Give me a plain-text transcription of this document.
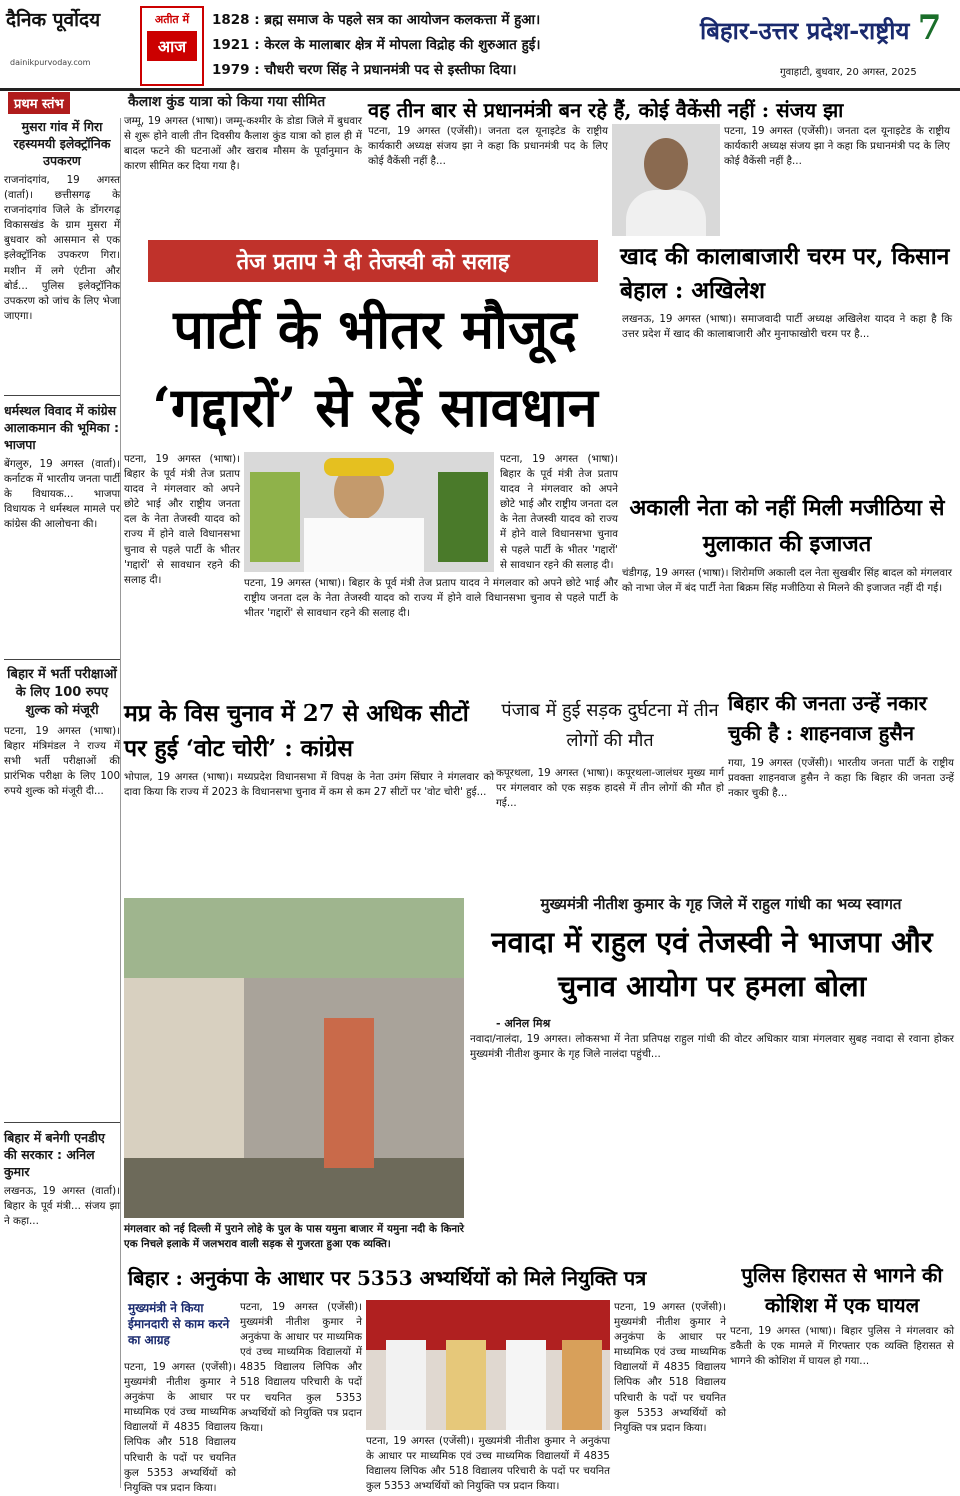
दैनिक पूर्वोदय
dainikpurvoday.com
अतीत में
आज
1828 : ब्रह्म समाज के पहले सत्र का आयोजन कलकत्ता में हुआ।
1921 : केरल के मालाबार क्षेत्र में मोपला विद्रोह की शुरुआत हुई।
1979 : चौधरी चरण सिंह ने प्रधानमंत्री पद से इस्तीफा दिया।
बिहार-उत्तर प्रदेश-राष्ट्रीय 7
गुवाहाटी, बुधवार, 20 अगस्त, 2025
प्रथम स्तंभ
मुसरा गांव में गिरा रहस्यमयी इलेक्ट्रॉनिक उपकरण
राजनांदगांव, 19 अगस्त (वार्ता)। छत्तीसगढ़ के राजनांदगांव जिले के डोंगरगढ़ विकासखंड के ग्राम मुसरा में बुधवार को आसमान से एक इलेक्ट्रॉनिक उपकरण गिरा। मशीन में लगे एंटीना और बोर्ड... पुलिस इलेक्ट्रॉनिक उपकरण को जांच के लिए भेजा जाएगा।
धर्मस्थल विवाद में कांग्रेस आलाकमान की भूमिका : भाजपा
बेंगलुरु, 19 अगस्त (वार्ता)। कर्नाटक में भारतीय जनता पार्टी के विधायक... भाजपा विधायक ने धर्मस्थल मामले पर कांग्रेस की आलोचना की।
बिहार में भर्ती परीक्षाओं के लिए 100 रुपए शुल्क को मंजूरी
पटना, 19 अगस्त (भाषा)। बिहार मंत्रिमंडल ने राज्य में सभी भर्ती परीक्षाओं की प्रारंभिक परीक्षा के लिए 100 रुपये शुल्क को मंजूरी दी...
बिहार में बनेगी एनडीए की सरकार : अनिल कुमार
लखनऊ, 19 अगस्त (वार्ता)। बिहार के पूर्व मंत्री... संजय झा ने कहा...
कैलाश कुंड यात्रा को किया गया सीमित
जम्मू, 19 अगस्त (भाषा)। जम्मू-कश्मीर के डोडा जिले में बुधवार से शुरू होने वाली तीन दिवसीय कैलाश कुंड यात्रा को हाल ही में बादल फटने की घटनाओं और खराब मौसम के पूर्वानुमान के कारण सीमित कर दिया गया है।
वह तीन बार से प्रधानमंत्री बन रहे हैं, कोई वैकेंसी नहीं : संजय झा
पटना, 19 अगस्त (एजेंसी)। जनता दल यूनाइटेड के राष्ट्रीय कार्यकारी अध्यक्ष संजय झा ने कहा कि प्रधानमंत्री पद के लिए कोई वैकेंसी नहीं है...
पटना, 19 अगस्त (एजेंसी)। जनता दल यूनाइटेड के राष्ट्रीय कार्यकारी अध्यक्ष संजय झा ने कहा कि प्रधानमंत्री पद के लिए कोई वैकेंसी नहीं है...
तेज प्रताप ने दी तेजस्वी को सलाह
पार्टी के भीतर मौजूद ‘गद्दारों’ से रहें सावधान
पटना, 19 अगस्त (भाषा)। बिहार के पूर्व मंत्री तेज प्रताप यादव ने मंगलवार को अपने छोटे भाई और राष्ट्रीय जनता दल के नेता तेजस्वी यादव को राज्य में होने वाले विधानसभा चुनाव से पहले पार्टी के भीतर 'गद्दारों' से सावधान रहने की सलाह दी।
पटना, 19 अगस्त (भाषा)। बिहार के पूर्व मंत्री तेज प्रताप यादव ने मंगलवार को अपने छोटे भाई और राष्ट्रीय जनता दल के नेता तेजस्वी यादव को राज्य में होने वाले विधानसभा चुनाव से पहले पार्टी के भीतर 'गद्दारों' से सावधान रहने की सलाह दी।
पटना, 19 अगस्त (भाषा)। बिहार के पूर्व मंत्री तेज प्रताप यादव ने मंगलवार को अपने छोटे भाई और राष्ट्रीय जनता दल के नेता तेजस्वी यादव को राज्य में होने वाले विधानसभा चुनाव से पहले पार्टी के भीतर 'गद्दारों' से सावधान रहने की सलाह दी।
खाद की कालाबाजारी चरम पर, किसान बेहाल : अखिलेश
लखनऊ, 19 अगस्त (भाषा)। समाजवादी पार्टी अध्यक्ष अखिलेश यादव ने कहा है कि उत्तर प्रदेश में खाद की कालाबाजारी और मुनाफाखोरी चरम पर है...
अकाली नेता को नहीं मिली मजीठिया से मुलाकात की इजाजत
चंडीगढ़, 19 अगस्त (भाषा)। शिरोमणि अकाली दल नेता सुखबीर सिंह बादल को मंगलवार को नाभा जेल में बंद पार्टी नेता बिक्रम सिंह मजीठिया से मिलने की इजाजत नहीं दी गई।
मप्र के विस चुनाव में 27 से अधिक सीटों पर हुई ‘वोट चोरी’ : कांग्रेस
भोपाल, 19 अगस्त (भाषा)। मध्यप्रदेश विधानसभा में विपक्ष के नेता उमंग सिंघार ने मंगलवार को दावा किया कि राज्य में 2023 के विधानसभा चुनाव में कम से कम 27 सीटों पर 'वोट चोरी' हुई...
पंजाब में हुई सड़क दुर्घटना में तीन लोगों की मौत
कपूरथला, 19 अगस्त (भाषा)। कपूरथला-जालंधर मुख्य मार्ग पर मंगलवार को एक सड़क हादसे में तीन लोगों की मौत हो गई...
बिहार की जनता उन्हें नकार चुकी है : शाहनवाज हुसैन
गया, 19 अगस्त (एजेंसी)। भारतीय जनता पार्टी के राष्ट्रीय प्रवक्ता शाहनवाज हुसैन ने कहा कि बिहार की जनता उन्हें नकार चुकी है...
मुख्यमंत्री नीतीश कुमार के गृह जिले में राहुल गांधी का भव्य स्वागत
नवादा में राहुल एवं तेजस्वी ने भाजपा और चुनाव आयोग पर हमला बोला
- अनिल मिश्र
नवादा/नालंदा, 19 अगस्त। लोकसभा में नेता प्रतिपक्ष राहुल गांधी की वोटर अधिकार यात्रा मंगलवार सुबह नवादा से रवाना होकर मुख्यमंत्री नीतीश कुमार के गृह जिले नालंदा पहुंची...
मंगलवार को नई दिल्ली में पुराने लोहे के पुल के पास यमुना बाजार में यमुना नदी के किनारे एक निचले इलाके में जलभराव वाली सड़क से गुजरता हुआ एक व्यक्ति।
बिहार : अनुकंपा के आधार पर 5353 अभ्यर्थियों को मिले नियुक्ति पत्र
मुख्यमंत्री ने किया ईमानदारी से काम करने का आग्रह
पटना, 19 अगस्त (एजेंसी)। मुख्यमंत्री नीतीश कुमार ने अनुकंपा के आधार पर माध्यमिक एवं उच्च माध्यमिक विद्यालयों में 4835 विद्यालय लिपिक और 518 विद्यालय परिचारी के पदों पर चयनित कुल 5353 अभ्यर्थियों को नियुक्ति पत्र प्रदान किया।
पटना, 19 अगस्त (एजेंसी)। मुख्यमंत्री नीतीश कुमार ने अनुकंपा के आधार पर माध्यमिक एवं उच्च माध्यमिक विद्यालयों में 4835 विद्यालय लिपिक और 518 विद्यालय परिचारी के पदों पर चयनित कुल 5353 अभ्यर्थियों को नियुक्ति पत्र प्रदान किया।
पटना, 19 अगस्त (एजेंसी)। मुख्यमंत्री नीतीश कुमार ने अनुकंपा के आधार पर माध्यमिक एवं उच्च माध्यमिक विद्यालयों में 4835 विद्यालय लिपिक और 518 विद्यालय परिचारी के पदों पर चयनित कुल 5353 अभ्यर्थियों को नियुक्ति पत्र प्रदान किया।
पटना, 19 अगस्त (एजेंसी)। मुख्यमंत्री नीतीश कुमार ने अनुकंपा के आधार पर माध्यमिक एवं उच्च माध्यमिक विद्यालयों में 4835 विद्यालय लिपिक और 518 विद्यालय परिचारी के पदों पर चयनित कुल 5353 अभ्यर्थियों को नियुक्ति पत्र प्रदान किया।
पुलिस हिरासत से भागने की कोशिश में एक घायल
पटना, 19 अगस्त (भाषा)। बिहार पुलिस ने मंगलवार को डकैती के एक मामले में गिरफ्तार एक व्यक्ति हिरासत से भागने की कोशिश में घायल हो गया...
